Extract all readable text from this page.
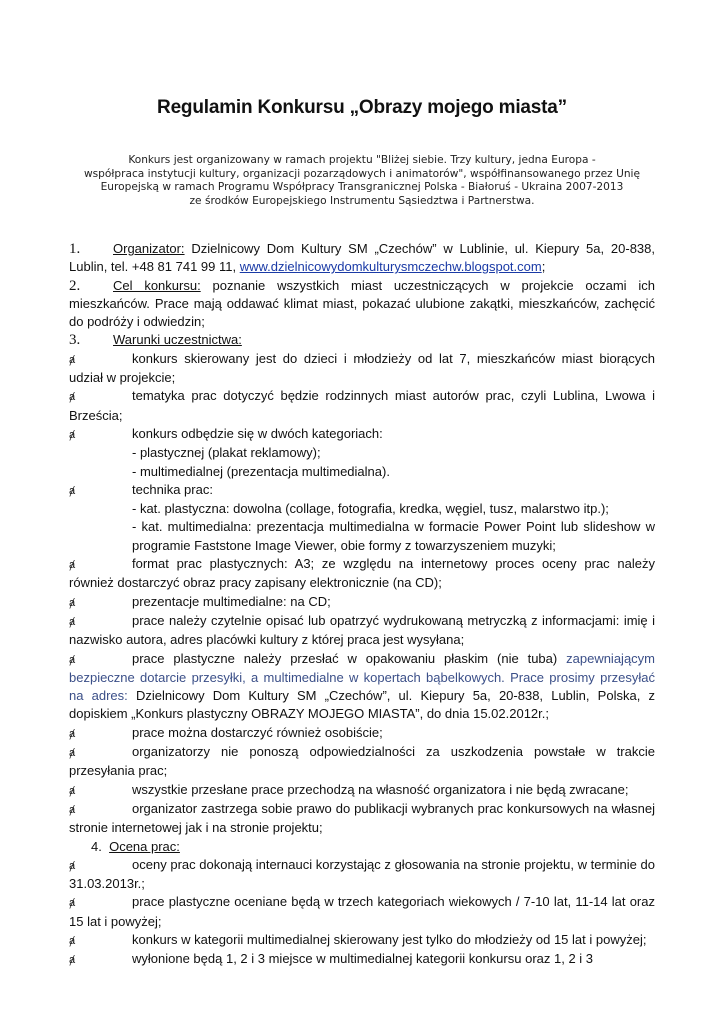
Regulamin Konkursu „Obrazy mojego miasta”
Konkurs jest organizowany w ramach projektu "Bliżej siebie. Trzy kultury, jedna Europa -
współpraca instytucji kultury, organizacji pozarządowych i animatorów", współfinansowanego przez Unię
Europejską w ramach Programu Współpracy Transgranicznej Polska - Białoruś - Ukraina 2007-2013
ze środków Europejskiego Instrumentu Sąsiedztwa i Partnerstwa.

1.	Organizator: Dzielnicowy Dom Kultury SM „Czechów” w Lublinie, ul. Kiepury 5a, 20-838, Lublin, tel. +48 81 741 99 11, www.dzielnicowydomkulturysmczechw.blogspot.com;

2.	Cel konkursu: poznanie wszystkich miast uczestniczących w projekcie oczami ich mieszkańców. Prace mają oddawać klimat miast, pokazać ulubione zakątki, mieszkańców, zachęcić do podróży i odwiedzin;

3.	Warunki uczestnictwa:

ⱥ	konkurs skierowany jest do dzieci i młodzieży od lat 7, mieszkańców miast biorących udział w projekcie;

ⱥ	tematyka prac dotyczyć będzie rodzinnych miast autorów prac, czyli Lublina, Lwowa i Brześcia;

ⱥ	konkurs odbędzie się w dwóch kategoriach:

- plastycznej (plakat reklamowy);

- multimedialnej (prezentacja multimedialna).

ⱥ	technika prac:

- kat. plastyczna: dowolna (collage, fotografia, kredka, węgiel, tusz, malarstwo itp.);

- kat. multimedialna: prezentacja multimedialna w formacie Power Point lub slideshow w programie Faststone Image Viewer, obie formy z towarzyszeniem muzyki;

ⱥ	format prac plastycznych: A3; ze względu na internetowy proces oceny prac należy również dostarczyć obraz pracy zapisany elektronicznie (na CD);

ⱥ	prezentacje multimedialne: na CD;

ⱥ	prace należy czytelnie opisać lub opatrzyć wydrukowaną metryczką z informacjami: imię i nazwisko autora, adres placówki kultury z której praca jest wysyłana;

ⱥ	prace plastyczne należy przesłać w opakowaniu płaskim (nie tuba) zapewniającym bezpieczne dotarcie przesyłki, a multimedialne w kopertach bąbelkowych. Prace prosimy przesyłać na adres: Dzielnicowy Dom Kultury SM „Czechów”, ul. Kiepury 5a, 20-838, Lublin, Polska, z dopiskiem „Konkurs plastyczny OBRAZY MOJEGO MIASTA”, do dnia 15.02.2012r.;

ⱥ	prace można dostarczyć również osobiście;

ⱥ	organizatorzy nie ponoszą odpowiedzialności za uszkodzenia powstałe w trakcie przesyłania prac;

ⱥ	wszystkie przesłane prace przechodzą na własność organizatora i nie będą zwracane;

ⱥ	organizator zastrzega sobie prawo do publikacji wybranych prac konkursowych na własnej stronie internetowej jak i na stronie projektu;

4. Ocena prac:

ⱥ	oceny prac dokonają internauci korzystając z głosowania na stronie projektu, w terminie do 31.03.2013r.;

ⱥ	prace plastyczne oceniane będą w trzech kategoriach wiekowych / 7-10 lat, 11-14 lat oraz 15 lat i powyżej;

ⱥ	konkurs w kategorii multimedialnej skierowany jest tylko do młodzieży od 15 lat i powyżej;

ⱥ	wyłonione będą 1, 2 i 3 miejsce w multimedialnej kategorii konkursu oraz 1, 2 i 3
